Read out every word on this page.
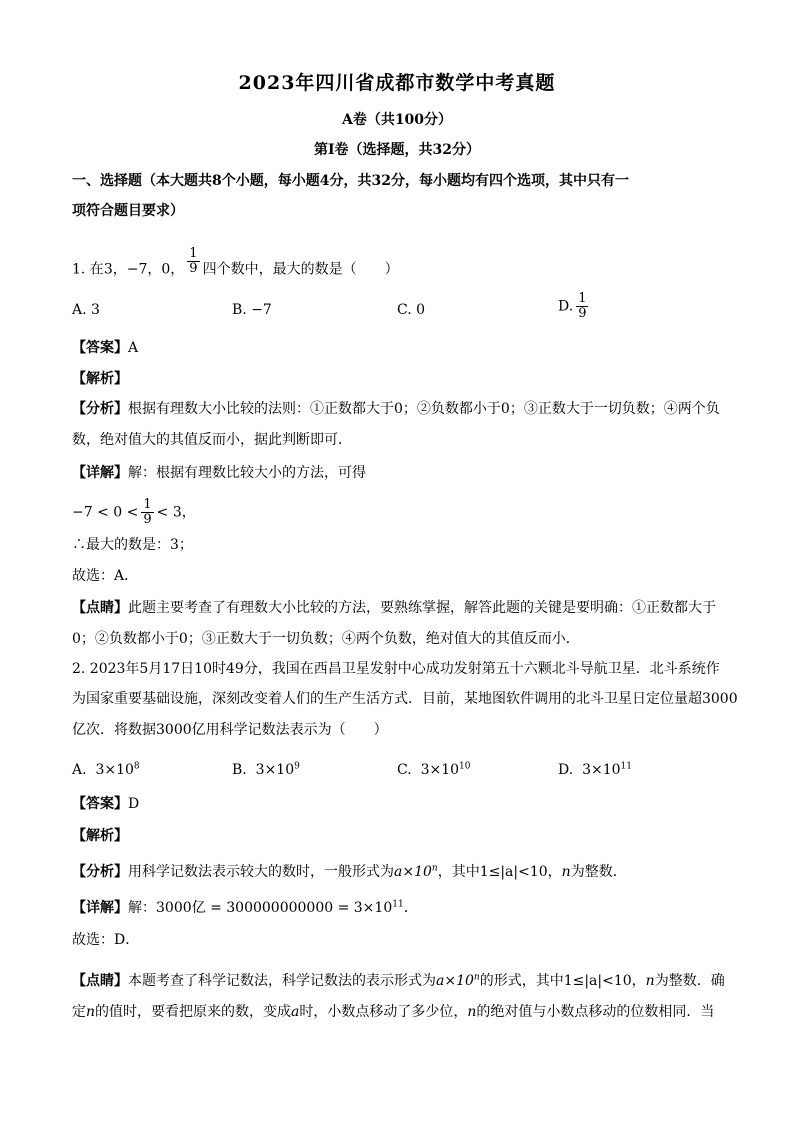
2023年四川省成都市数学中考真题
A卷（共100分）
第I卷（选择题，共32分）
一、选择题（本大题共8个小题，每小题4分，共32分，每小题均有四个选项，其中只有一
项符合题目要求）
1. 在3，−7，0， $\frac{1}{9}$ 四个数中，最大的数是（　　）
A. 3	B. −7	C. 0	D. $\frac{1}{9}$
【答案】A
【解析】
【分析】根据有理数大小比较的法则：①正数都大于0；②负数都小于0；③正数大于一切负数；④两个负
数，绝对值大的其值反而小，据此判断即可．
【详解】解：根据有理数比较大小的方法，可得
$-7 < 0 < \frac{1}{9} < 3$，
∴最大的数是：3；
故选：A．
【点睛】此题主要考查了有理数大小比较的方法，要熟练掌握，解答此题的关键是要明确：①正数都大于
0；②负数都小于0；③正数大于一切负数；④两个负数，绝对值大的其值反而小．
2. 2023年5月17日10时49分，我国在西昌卫星发射中心成功发射第五十六颗北斗导航卫星．北斗系统作
为国家重要基础设施，深刻改变着人们的生产生活方式．目前，某地图软件调用的北斗卫星日定位量超3000
亿次．将数据3000亿用科学记数法表示为（　　）
A. $3\times 10^8$	B. $3\times 10^9$	C. $3\times 10^{10}$	D. $3\times 10^{11}$
【答案】D
【解析】
【分析】用科学记数法表示较大的数时，一般形式为$a\times 10^n$，其中1≤|a|<10，n为整数．
【详解】解：3000亿 = $300000000000 = 3\times 10^{11}$．
故选：D．
【点睛】本题考查了科学记数法，科学记数法的表示形式为$a\times 10^n$的形式，其中1≤|a|<10，n为整数．确
定n的值时，要看把原来的数，变成a时，小数点移动了多少位，n的绝对值与小数点移动的位数相同．当
